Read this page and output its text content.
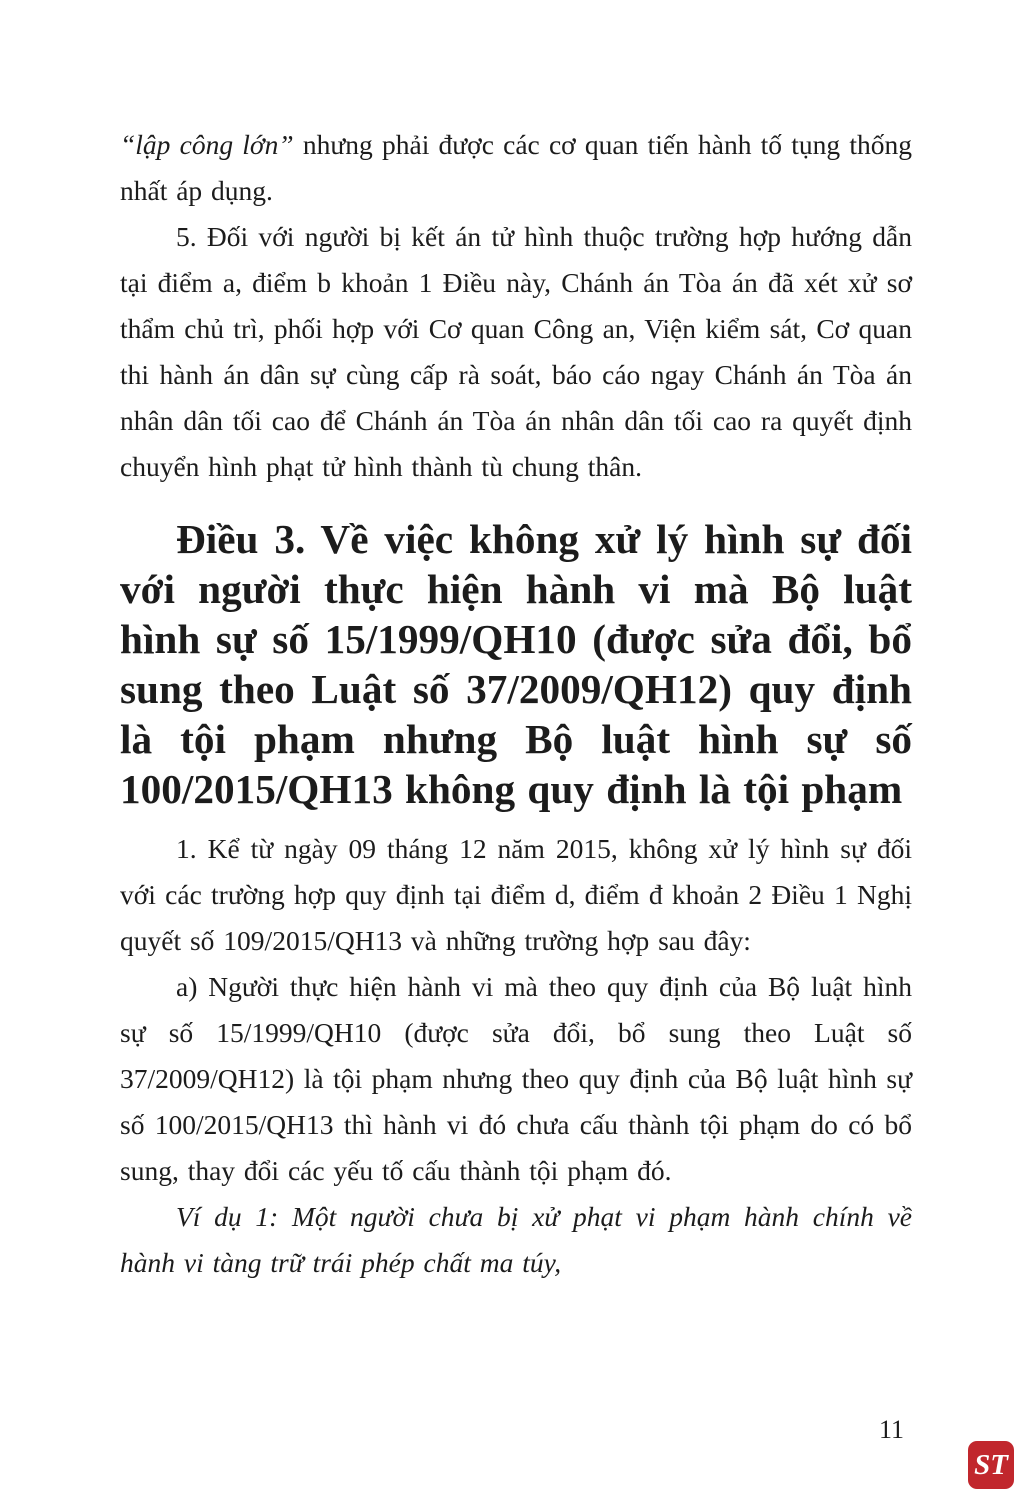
“lập công lớn” nhưng phải được các cơ quan tiến hành tố tụng thống nhất áp dụng.

5. Đối với người bị kết án tử hình thuộc trường hợp hướng dẫn tại điểm a, điểm b khoản 1 Điều này, Chánh án Tòa án đã xét xử sơ thẩm chủ trì, phối hợp với Cơ quan Công an, Viện kiểm sát, Cơ quan thi hành án dân sự cùng cấp rà soát, báo cáo ngay Chánh án Tòa án nhân dân tối cao để Chánh án Tòa án nhân dân tối cao ra quyết định chuyển hình phạt tử hình thành tù chung thân.

Điều 3. Về việc không xử lý hình sự đối với người thực hiện hành vi mà Bộ luật hình sự số 15/1999/QH10 (được sửa đổi, bổ sung theo Luật số 37/2009/QH12) quy định là tội phạm nhưng Bộ luật hình sự số 100/2015/QH13 không quy định là tội phạm

1. Kể từ ngày 09 tháng 12 năm 2015, không xử lý hình sự đối với các trường hợp quy định tại điểm d, điểm đ khoản 2 Điều 1 Nghị quyết số 109/2015/QH13 và những trường hợp sau đây:

a) Người thực hiện hành vi mà theo quy định của Bộ luật hình sự số 15/1999/QH10 (được sửa đổi, bổ sung theo Luật số 37/2009/QH12) là tội phạm nhưng theo quy định của Bộ luật hình sự số 100/2015/QH13 thì hành vi đó chưa cấu thành tội phạm do có bổ sung, thay đổi các yếu tố cấu thành tội phạm đó.

Ví dụ 1: Một người chưa bị xử phạt vi phạm hành chính về hành vi tàng trữ trái phép chất ma túy,

11
ST
